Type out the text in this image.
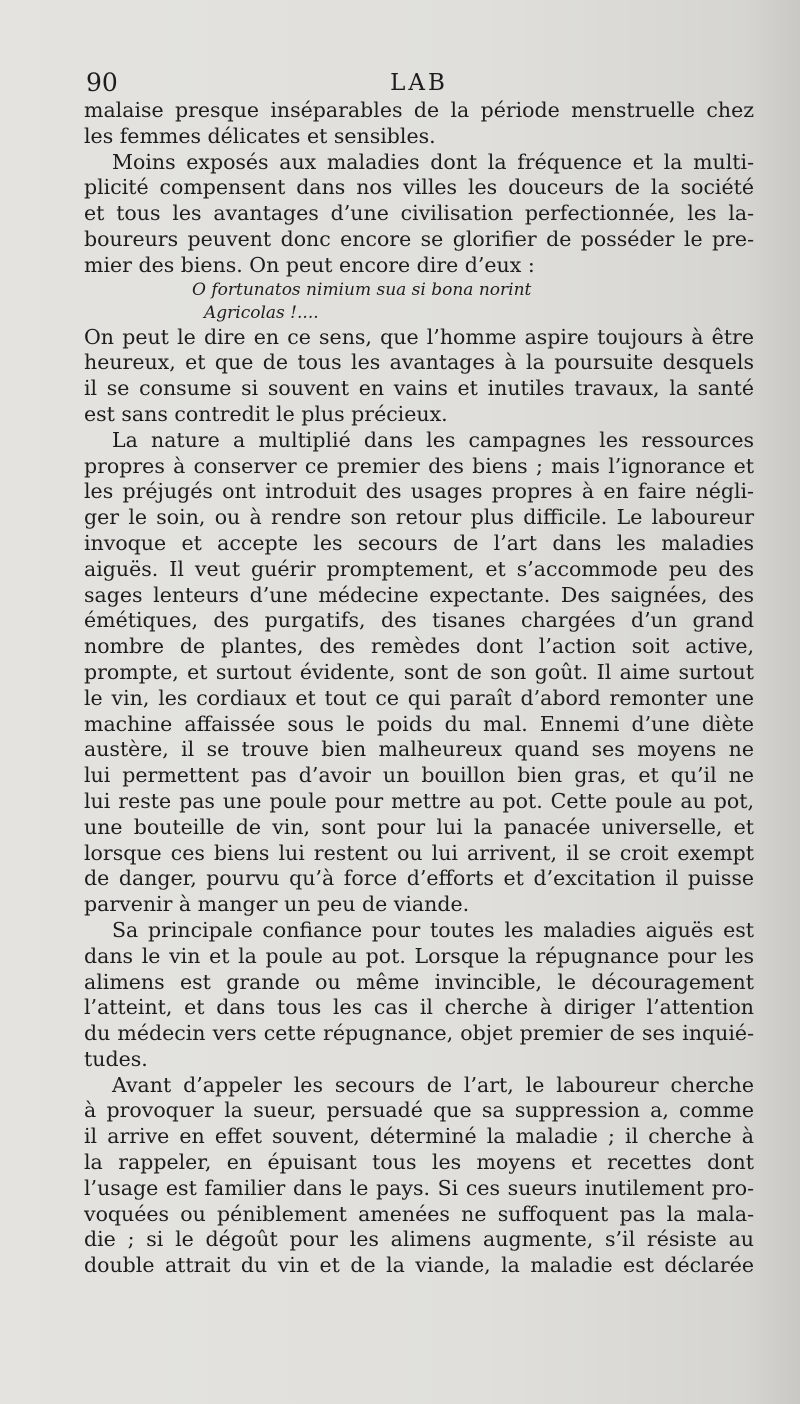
90	LAB
malaise presque inséparables de la période menstruelle chez
les femmes délicates et sensibles.
Moins exposés aux maladies dont la fréquence et la multi-
plicité compensent dans nos villes les douceurs de la société
et tous les avantages d’une civilisation perfectionnée, les la-
boureurs peuvent donc encore se glorifier de posséder le pre-
mier des biens. On peut encore dire d’eux :
O fortunatos nimium sua si bona norint
Agricolas !....
On peut le dire en ce sens, que l’homme aspire toujours à être
heureux, et que de tous les avantages à la poursuite desquels
il se consume si souvent en vains et inutiles travaux, la santé
est sans contredit le plus précieux.
La nature a multiplié dans les campagnes les ressources
propres à conserver ce premier des biens ; mais l’ignorance et
les préjugés ont introduit des usages propres à en faire négli-
ger le soin, ou à rendre son retour plus difficile. Le laboureur
invoque et accepte les secours de l’art dans les maladies
aiguës. Il veut guérir promptement, et s’accommode peu des
sages lenteurs d’une médecine expectante. Des saignées, des
émétiques, des purgatifs, des tisanes chargées d’un grand
nombre de plantes, des remèdes dont l’action soit active,
prompte, et surtout évidente, sont de son goût. Il aime surtout
le vin, les cordiaux et tout ce qui paraît d’abord remonter une
machine affaissée sous le poids du mal. Ennemi d’une diète
austère, il se trouve bien malheureux quand ses moyens ne
lui permettent pas d’avoir un bouillon bien gras, et qu’il ne
lui reste pas une poule pour mettre au pot. Cette poule au pot,
une bouteille de vin, sont pour lui la panacée universelle, et
lorsque ces biens lui restent ou lui arrivent, il se croit exempt
de danger, pourvu qu’à force d’efforts et d’excitation il puisse
parvenir à manger un peu de viande.
Sa principale confiance pour toutes les maladies aiguës est
dans le vin et la poule au pot. Lorsque la répugnance pour les
alimens est grande ou même invincible, le découragement
l’atteint, et dans tous les cas il cherche à diriger l’attention
du médecin vers cette répugnance, objet premier de ses inquié-
tudes.
Avant d’appeler les secours de l’art, le laboureur cherche
à provoquer la sueur, persuadé que sa suppression a, comme
il arrive en effet souvent, déterminé la maladie ; il cherche à
la rappeler, en épuisant tous les moyens et recettes dont
l’usage est familier dans le pays. Si ces sueurs inutilement pro-
voquées ou péniblement amenées ne suffoquent pas la mala-
die ; si le dégoût pour les alimens augmente, s’il résiste au
double attrait du vin et de la viande, la maladie est déclarée
